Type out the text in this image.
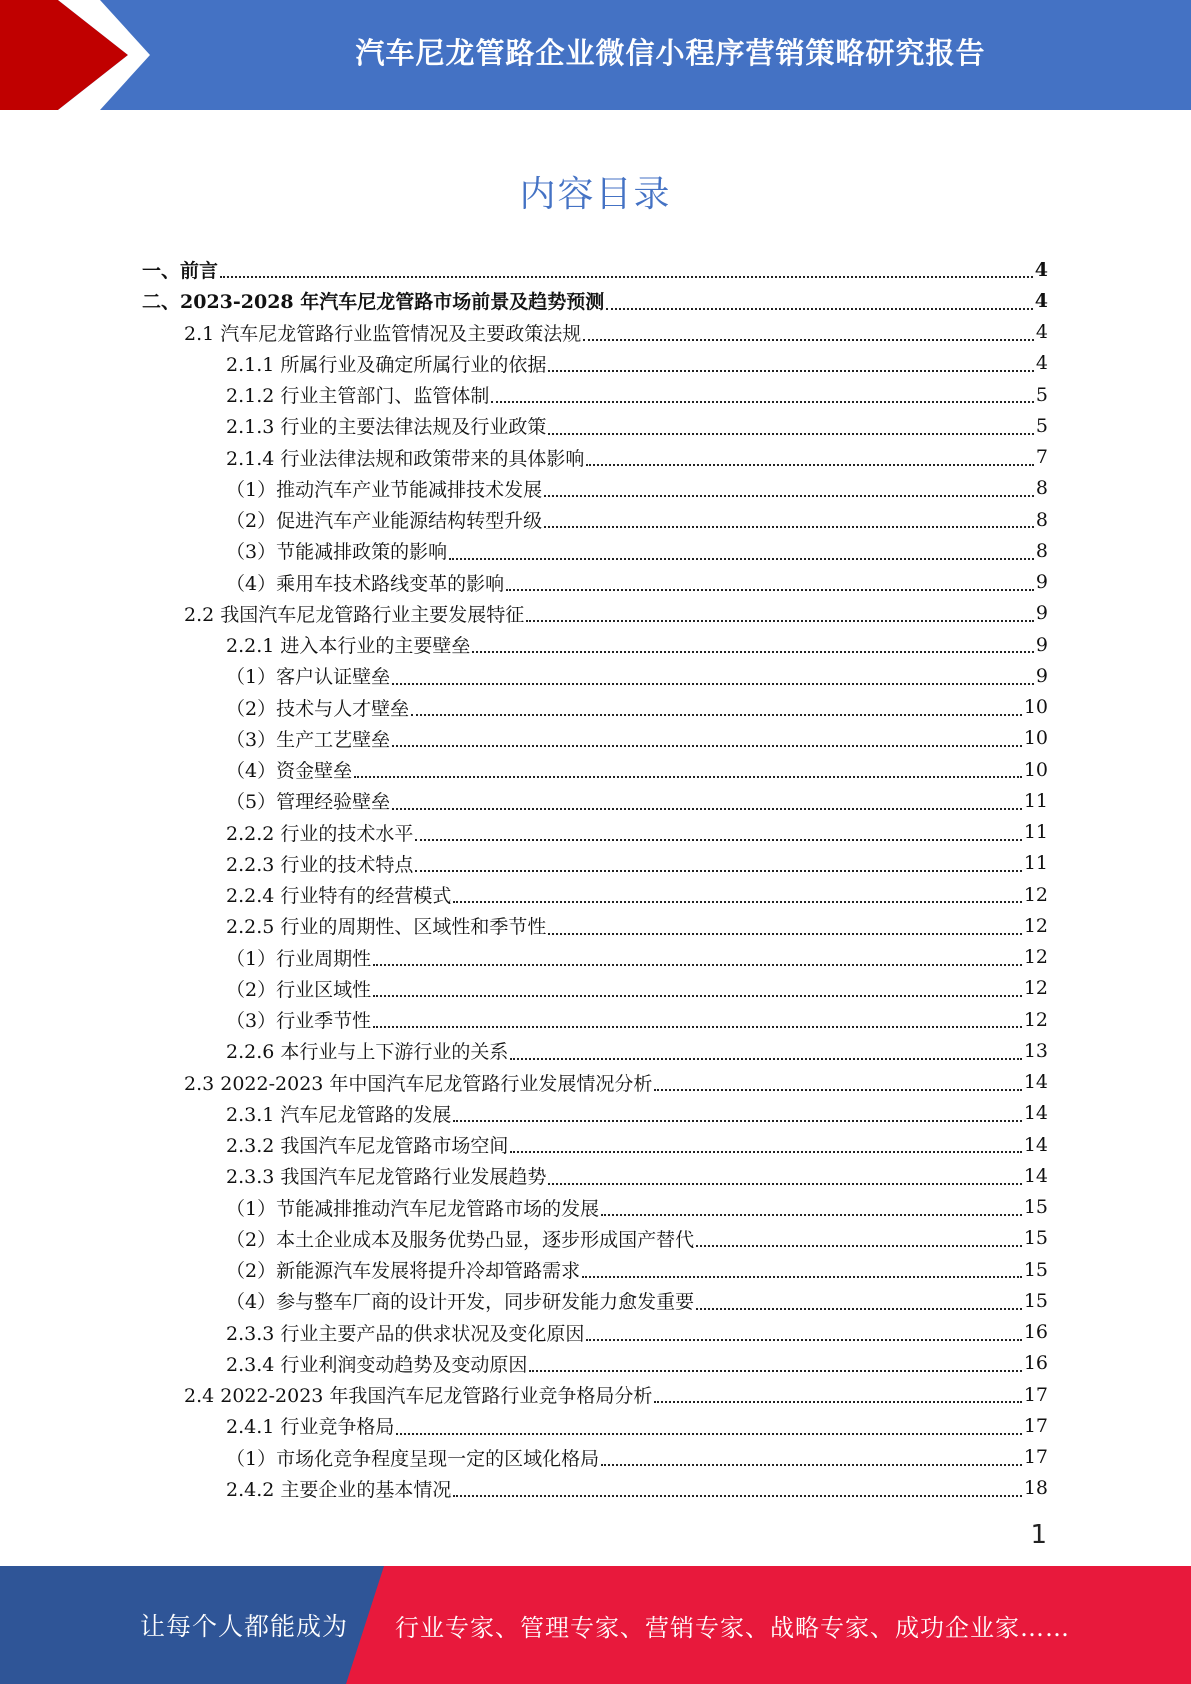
汽车尼龙管路企业微信小程序营销策略研究报告
内容目录
一、前言	4
二、2023-2028 年汽车尼龙管路市场前景及趋势预测	4
2.1 汽车尼龙管路行业监管情况及主要政策法规	4
2.1.1 所属行业及确定所属行业的依据	4
2.1.2 行业主管部门、监管体制	5
2.1.3 行业的主要法律法规及行业政策	5
2.1.4 行业法律法规和政策带来的具体影响	7
（1）推动汽车产业节能减排技术发展	8
（2）促进汽车产业能源结构转型升级	8
（3）节能减排政策的影响	8
（4）乘用车技术路线变革的影响	9
2.2 我国汽车尼龙管路行业主要发展特征	9
2.2.1 进入本行业的主要壁垒	9
（1）客户认证壁垒	9
（2）技术与人才壁垒	10
（3）生产工艺壁垒	10
（4）资金壁垒	10
（5）管理经验壁垒	11
2.2.2 行业的技术水平	11
2.2.3 行业的技术特点	11
2.2.4 行业特有的经营模式	12
2.2.5 行业的周期性、区域性和季节性	12
（1）行业周期性	12
（2）行业区域性	12
（3）行业季节性	12
2.2.6 本行业与上下游行业的关系	13
2.3 2022-2023 年中国汽车尼龙管路行业发展情况分析	14
2.3.1 汽车尼龙管路的发展	14
2.3.2 我国汽车尼龙管路市场空间	14
2.3.3 我国汽车尼龙管路行业发展趋势	14
（1）节能减排推动汽车尼龙管路市场的发展	15
（2）本土企业成本及服务优势凸显，逐步形成国产替代	15
（2）新能源汽车发展将提升冷却管路需求	15
（4）参与整车厂商的设计开发，同步研发能力愈发重要	15
2.3.3 行业主要产品的供求状况及变化原因	16
2.3.4 行业利润变动趋势及变动原因	16
2.4 2022-2023 年我国汽车尼龙管路行业竞争格局分析	17
2.4.1 行业竞争格局	17
（1）市场化竞争程度呈现一定的区域化格局	17
2.4.2 主要企业的基本情况	18
1
让每个人都能成为 行业专家、管理专家、营销专家、战略专家、成功企业家……
